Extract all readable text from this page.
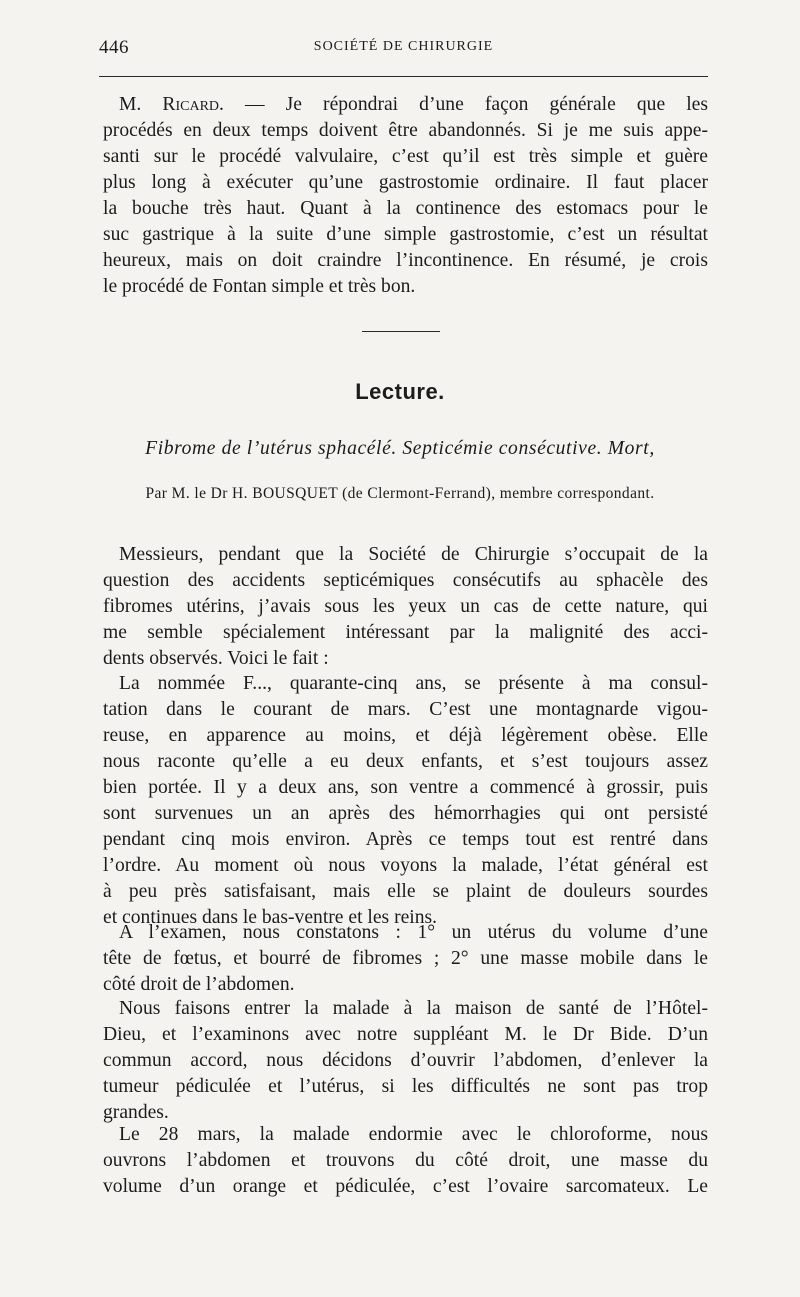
446	SOCIÉTÉ DE CHIRURGIE
M. Ricard. — Je répondrai d’une façon générale que les
procédés en deux temps doivent être abandonnés. Si je me suis appe-
santi sur le procédé valvulaire, c’est qu’il est très simple et guère
plus long à exécuter qu’une gastrostomie ordinaire. Il faut placer
la bouche très haut. Quant à la continence des estomacs pour le
suc gastrique à la suite d’une simple gastrostomie, c’est un résultat
heureux, mais on doit craindre l’incontinence. En résumé, je crois
le procédé de Fontan simple et très bon.
Lecture.
Fibrome de l’utérus sphacélé. Septicémie consécutive. Mort,
Par M. le Dr H. BOUSQUET (de Clermont-Ferrand), membre correspondant.
Messieurs, pendant que la Société de Chirurgie s’occupait de la
question des accidents septicémiques consécutifs au sphacèle des
fibromes utérins, j’avais sous les yeux un cas de cette nature, qui
me semble spécialement intéressant par la malignité des acci-
dents observés. Voici le fait :
La nommée F..., quarante-cinq ans, se présente à ma consul-
tation dans le courant de mars. C’est une montagnarde vigou-
reuse, en apparence au moins, et déjà légèrement obèse. Elle
nous raconte qu’elle a eu deux enfants, et s’est toujours assez
bien portée. Il y a deux ans, son ventre a commencé à grossir, puis
sont survenues un an après des hémorrhagies qui ont persisté
pendant cinq mois environ. Après ce temps tout est rentré dans
l’ordre. Au moment où nous voyons la malade, l’état général est
à peu près satisfaisant, mais elle se plaint de douleurs sourdes
et continues dans le bas-ventre et les reins.
A l’examen, nous constatons : 1° un utérus du volume d’une
tête de fœtus, et bourré de fibromes ; 2° une masse mobile dans le
côté droit de l’abdomen.
Nous faisons entrer la malade à la maison de santé de l’Hôtel-
Dieu, et l’examinons avec notre suppléant M. le Dr Bide. D’un
commun accord, nous décidons d’ouvrir l’abdomen, d’enlever la
tumeur pédiculée et l’utérus, si les difficultés ne sont pas trop
grandes.
Le 28 mars, la malade endormie avec le chloroforme, nous
ouvrons l’abdomen et trouvons du côté droit, une masse du
volume d’un orange et pédiculée, c’est l’ovaire sarcomateux. Le
